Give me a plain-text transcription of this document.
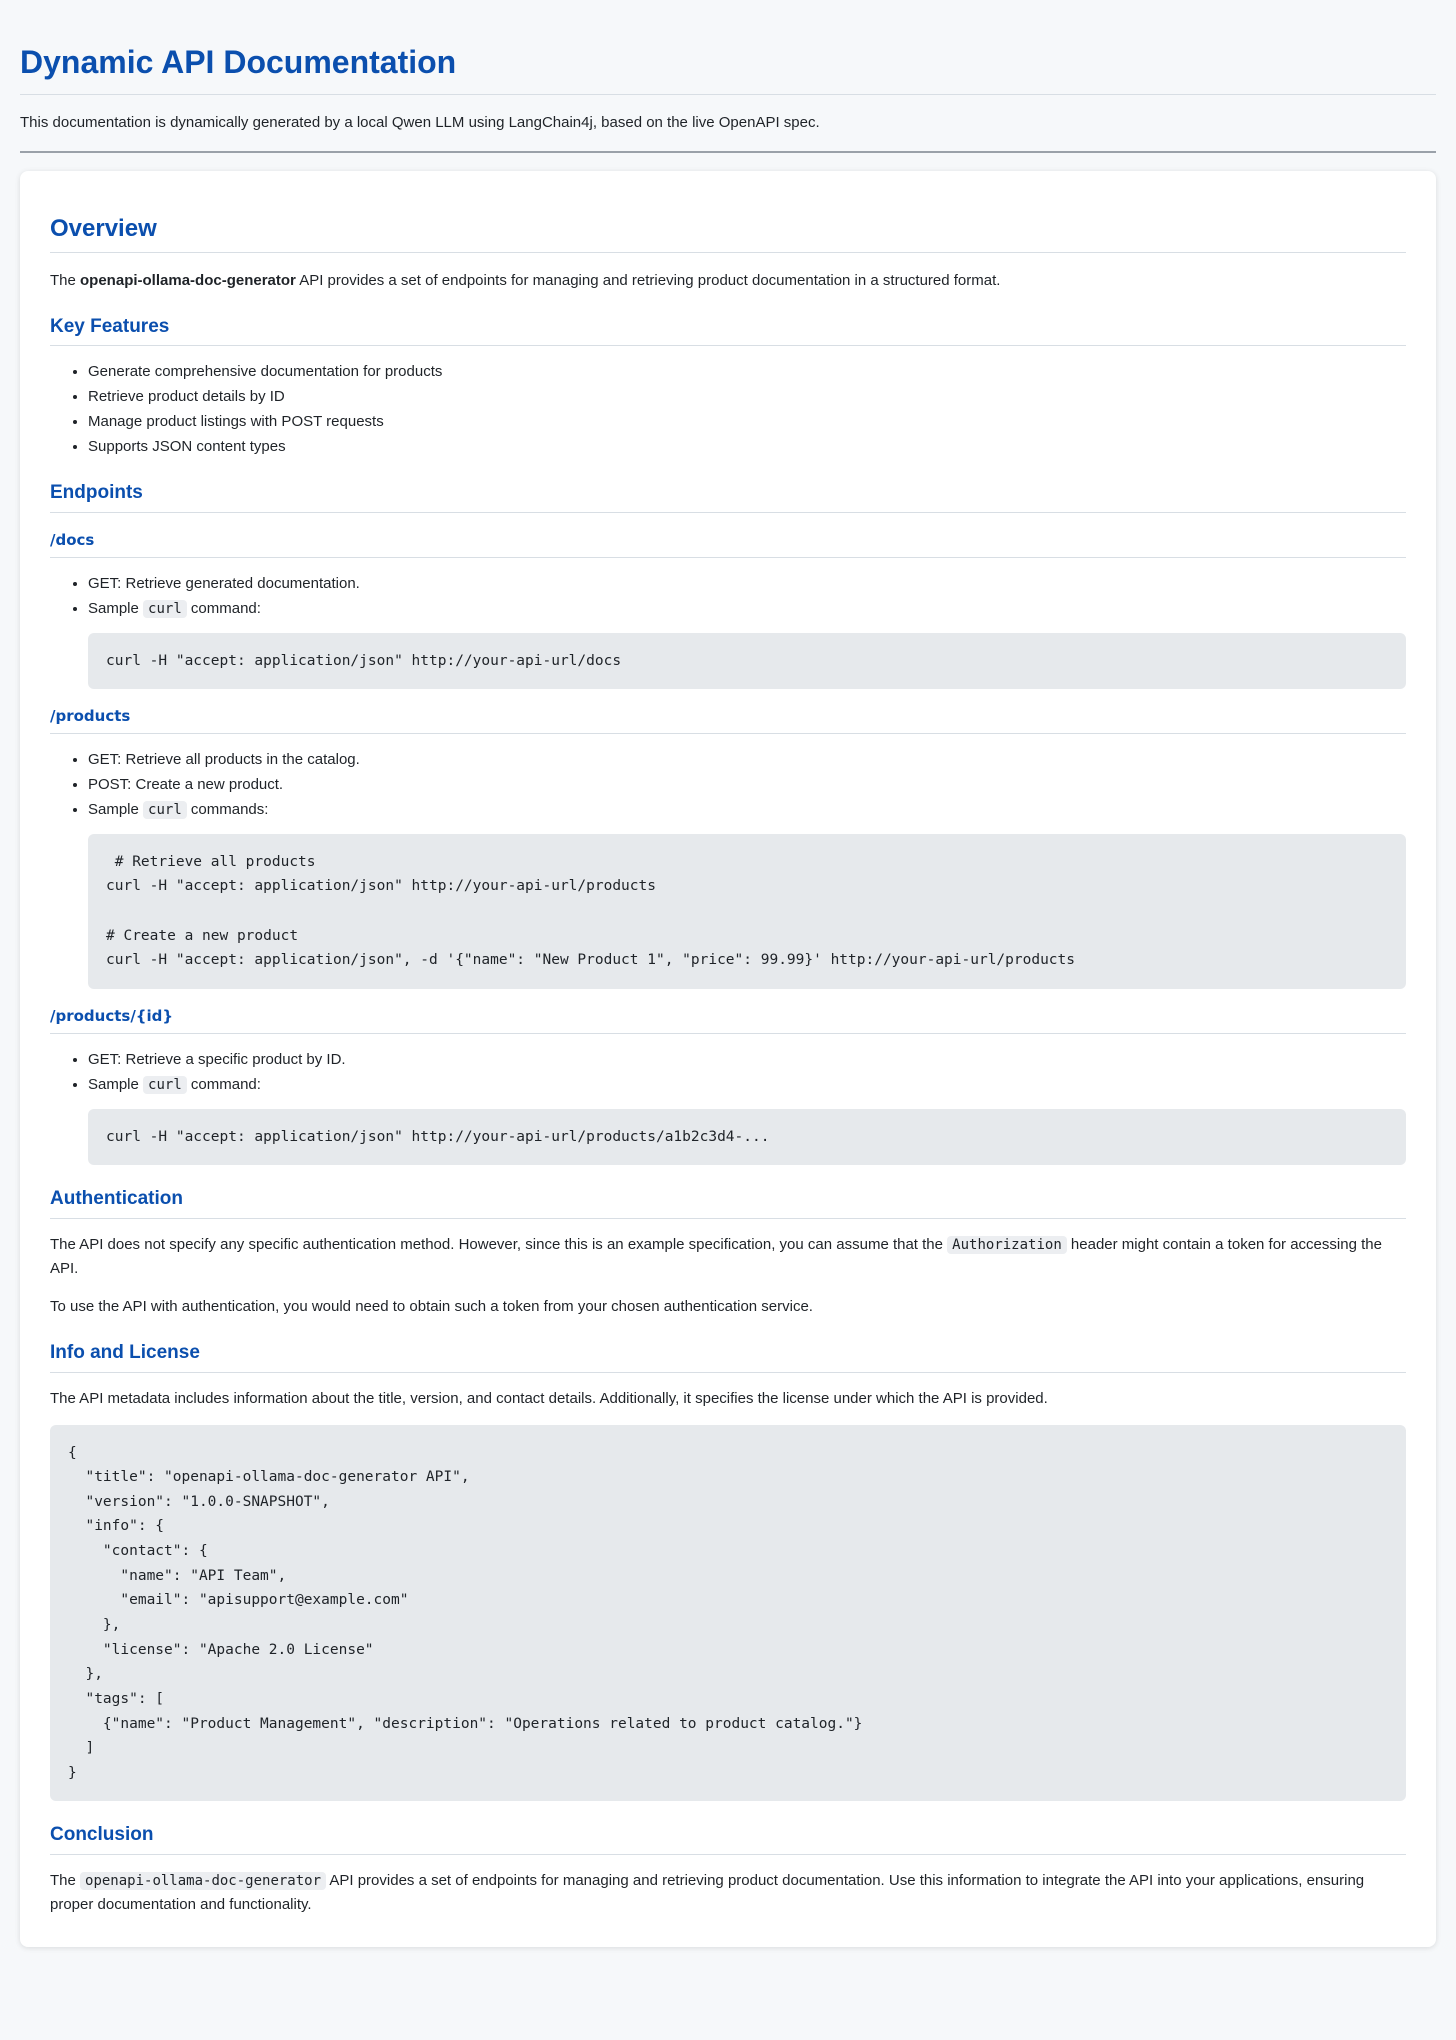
Dynamic API Documentation

This documentation is dynamically generated by a local Qwen LLM using LangChain4j, based on the live OpenAPI spec.

Overview

The openapi-ollama-doc-generator API provides a set of endpoints for managing and retrieving product documentation in a structured format.

Key Features
• Generate comprehensive documentation for products
• Retrieve product details by ID
• Manage product listings with POST requests
• Supports JSON content types
Endpoints
/docs
• GET: Retrieve generated documentation.
• Sample curl command:
curl -H "accept: application/json" http://your-api-url/docs
/products
• GET: Retrieve all products in the catalog.
• POST: Create a new product.
• Sample curl commands:
# Retrieve all products
curl -H "accept: application/json" http://your-api-url/products

# Create a new product
curl -H "accept: application/json", -d '{"name": "New Product 1", "price": 99.99}' http://your-api-url/products
/products/{id}
• GET: Retrieve a specific product by ID.
• Sample curl command:
curl -H "accept: application/json" http://your-api-url/products/a1b2c3d4-...
Authentication

The API does not specify any specific authentication method. However, since this is an example specification, you can assume that the Authorization header might contain a token for accessing the API.

To use the API with authentication, you would need to obtain such a token from your chosen authentication service.

Info and License

The API metadata includes information about the title, version, and contact details. Additionally, it specifies the license under which the API is provided.

{
"title": "openapi-ollama-doc-generator API",
"version": "1.0.0-SNAPSHOT",
"info": {
"contact": {
"name": "API Team",
"email": "apisupport@example.com"
},
"license": "Apache 2.0 License"
},
"tags": [
{"name": "Product Management", "description": "Operations related to product catalog."}
]
}
Conclusion

The openapi-ollama-doc-generator API provides a set of endpoints for managing and retrieving product documentation. Use this information to integrate the API into your applications, ensuring proper documentation and functionality.
